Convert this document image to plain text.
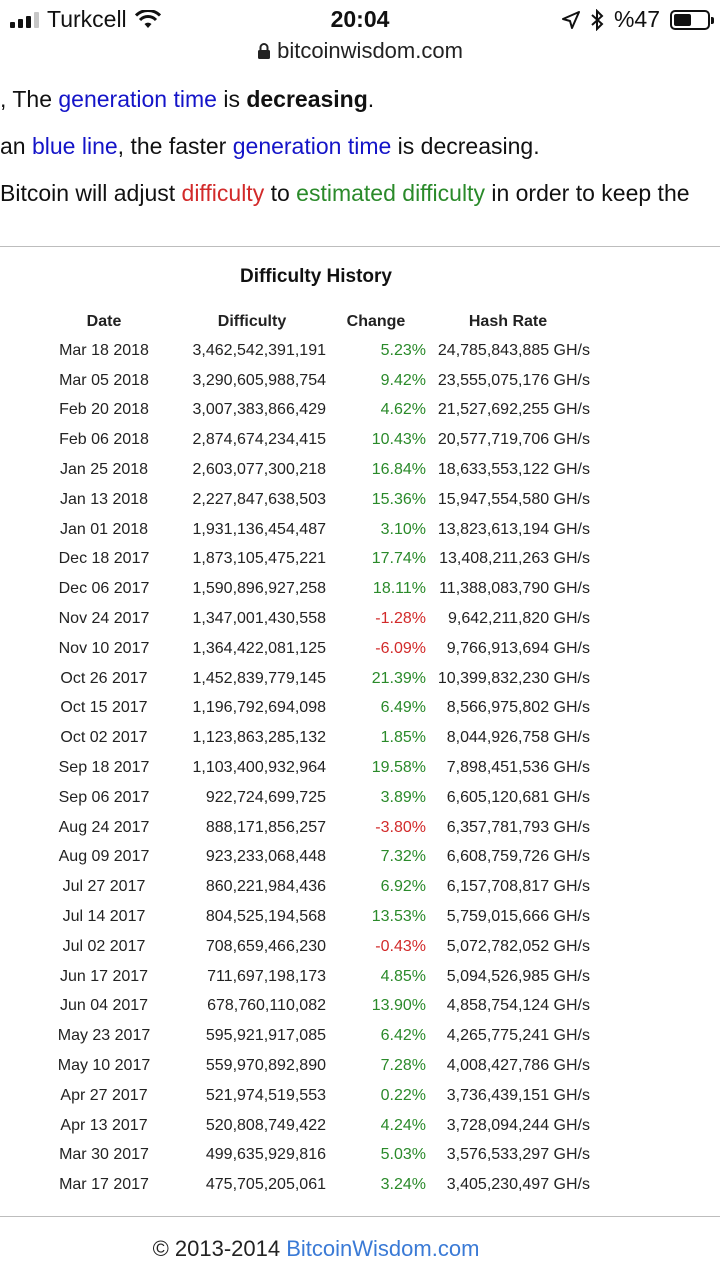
Turkcell	20:04	%47
bitcoinwisdom.com

, The generation time is decreasing.

an blue line, the faster generation time is decreasing.

Bitcoin will adjust difficulty to estimated difficulty in order to keep the

Difficulty History
Date	Difficulty	Change	Hash Rate
Mar 18 2018	3,462,542,391,191	5.23%	24,785,843,885 GH/s
Mar 05 2018	3,290,605,988,754	9.42%	23,555,075,176 GH/s
Feb 20 2018	3,007,383,866,429	4.62%	21,527,692,255 GH/s
Feb 06 2018	2,874,674,234,415	10.43%	20,577,719,706 GH/s
Jan 25 2018	2,603,077,300,218	16.84%	18,633,553,122 GH/s
Jan 13 2018	2,227,847,638,503	15.36%	15,947,554,580 GH/s
Jan 01 2018	1,931,136,454,487	3.10%	13,823,613,194 GH/s
Dec 18 2017	1,873,105,475,221	17.74%	13,408,211,263 GH/s
Dec 06 2017	1,590,896,927,258	18.11%	11,388,083,790 GH/s
Nov 24 2017	1,347,001,430,558	-1.28%	9,642,211,820 GH/s
Nov 10 2017	1,364,422,081,125	-6.09%	9,766,913,694 GH/s
Oct 26 2017	1,452,839,779,145	21.39%	10,399,832,230 GH/s
Oct 15 2017	1,196,792,694,098	6.49%	8,566,975,802 GH/s
Oct 02 2017	1,123,863,285,132	1.85%	8,044,926,758 GH/s
Sep 18 2017	1,103,400,932,964	19.58%	7,898,451,536 GH/s
Sep 06 2017	922,724,699,725	3.89%	6,605,120,681 GH/s
Aug 24 2017	888,171,856,257	-3.80%	6,357,781,793 GH/s
Aug 09 2017	923,233,068,448	7.32%	6,608,759,726 GH/s
Jul 27 2017	860,221,984,436	6.92%	6,157,708,817 GH/s
Jul 14 2017	804,525,194,568	13.53%	5,759,015,666 GH/s
Jul 02 2017	708,659,466,230	-0.43%	5,072,782,052 GH/s
Jun 17 2017	711,697,198,173	4.85%	5,094,526,985 GH/s
Jun 04 2017	678,760,110,082	13.90%	4,858,754,124 GH/s
May 23 2017	595,921,917,085	6.42%	4,265,775,241 GH/s
May 10 2017	559,970,892,890	7.28%	4,008,427,786 GH/s
Apr 27 2017	521,974,519,553	0.22%	3,736,439,151 GH/s
Apr 13 2017	520,808,749,422	4.24%	3,728,094,244 GH/s
Mar 30 2017	499,635,929,816	5.03%	3,576,533,297 GH/s
Mar 17 2017	475,705,205,061	3.24%	3,405,230,497 GH/s
© 2013-2014 BitcoinWisdom.com
